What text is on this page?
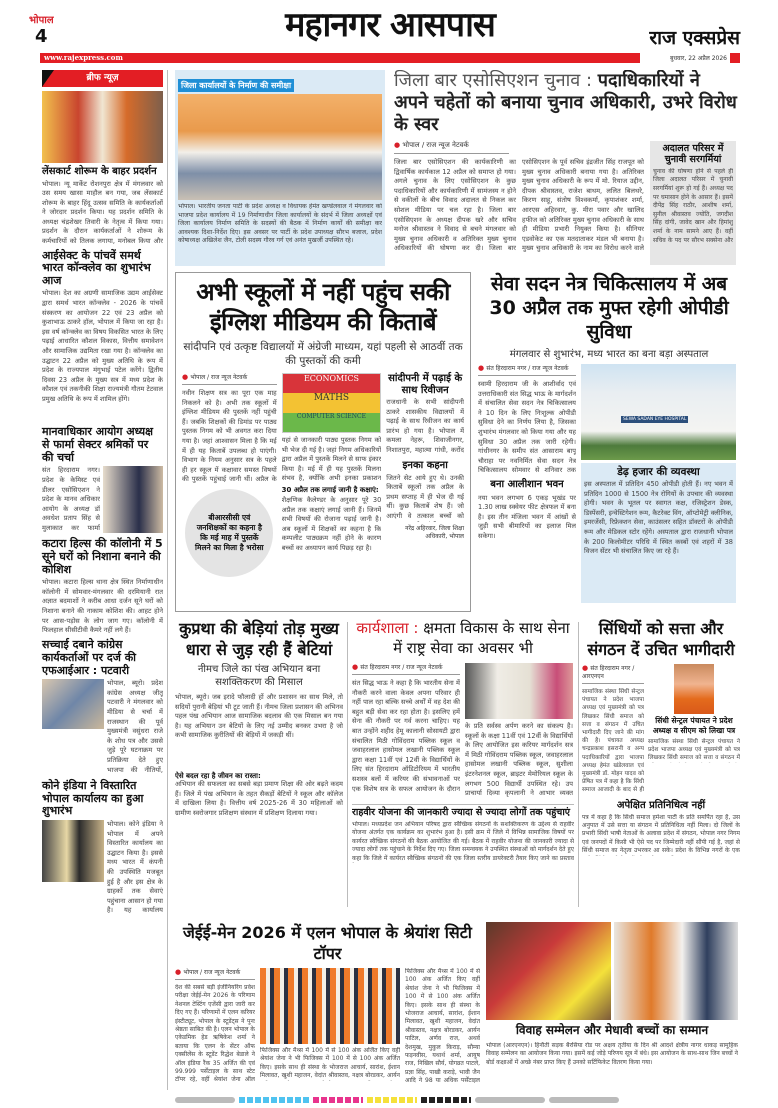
भोपाल
4	महानगर आसपास	राज एक्सप्रेस
www.rajexpress.com	बुधवार, 22 अप्रैल 2026
ब्रीफ न्यूज़
लेंसकार्ट शोरूम के बाहर प्रदर्शन
भोपाल। न्यू मार्केट रोशनपुरा क्षेत्र में मंगलवार को उस समय खासा माहौल बन गया, जब लेंसकार्ट शोरूम के बाहर हिंदू उत्सव समिति के कार्यकर्ताओं ने जोरदार प्रदर्शन किया। यह प्रदर्शन समिति के अध्यक्ष चंद्रशेखर तिवारी के नेतृत्व में किया गया। प्रदर्शन के दौरान कार्यकर्ताओं ने शोरूम के कर्मचारियों को तिलक लगाया, मनोबल किया और
आईसेक्ट के पांचवें समर्थ भारत कॉन्क्लेव का शुभारंभ आज
भोपाल। देश का अग्रणी सामाजिक उद्यम आईसेक्ट द्वारा समर्थ भारत कॉन्क्लेव - 2026 के पांचवें संस्करण का आयोजन 22 एवं 23 अप्रैल को कुशाभाऊ ठाकरे हॉल, भोपाल में किया जा रहा है। इस वर्ष कॉन्क्लेव का विषय विकसित भारत के लिए पढ़ाई आधारित कौशल विकास, वित्तीय समावेशन और सामाजिक उद्यमिता रखा गया है। कॉन्क्लेव का उद्घाटन 22 अप्रैल को मुख्य अतिथि के रूप में प्रदेश के राज्यपाल मंगुभाई पटेल करेंगे। द्वितीय दिवस 23 अप्रैल के मुख्य सत्र में मध्य प्रदेश के कौशल एवं तकनीकी शिक्षा राज्यमंत्री गौतम टेटवाल प्रमुख अतिथि के रूप में शामिल होंगे।
मानवाधिकार आयोग अध्यक्ष से फार्मा सेक्टर श्रमिकों पर की चर्चा
संत हिरदाराम नगर। प्रदेश के केमिस्ट एवं डीलर एसोसिएशन ने प्रदेश के मानव अधिकार आयोग के अध्यक्ष डॉ अवधेश प्रताप सिंह से मुलाकात कर फार्मा
कटारा हिल्स की कॉलोनी में 5 सूने घरों को निशाना बनाने की कोशिश
भोपाल। कटारा हिल्स थाना क्षेत्र स्थित निर्माणाधीन कॉलोनी में सोमवार-मंगलवार की दरमियानी रात अज्ञात बदमाशों ने करीब आधा दर्जन सूने घरों को निशाना बनाने की नाकाम कोशिश की। आहट होने पर आस-पड़ोस के लोग जाग गए। कॉलोनी में फिलहाल सीसीटीवी कैमरे नहीं लगे हैं।
सच्चाई दबाने कांग्रेस कार्यकर्ताओं पर दर्ज की एफआईआर : पटवारी
भोपाल, ब्यूरो। प्रदेश कांग्रेस अध्यक्ष जीतू पटवारी ने मंगलवार को मीडिया से चर्चा में राजस्थान की पूर्व मुख्यमंत्री वसुंधरा राजे के शोध पत्र और उससे जुड़े पूरे घटनाक्रम पर प्रतिक्रिया देते हुए भाजपा की नीतियों,
कोने इंडिया ने विस्तारित भोपाल कार्यालय का हुआ शुभारंभ
भोपाल। कोने इंडिया ने भोपाल में अपने विस्तारित कार्यालय का उद्घाटन किया है। इससे मध्य भारत में कंपनी की उपस्थिति मजबूत हुई है और इस क्षेत्र के ग्राहकों तक सेवाएं पहुंचाना आसान हो गया है। यह कार्यालय
जिला कार्यालयों के निर्माण की समीक्षा
भोपाल। भारतीय जनता पार्टी के प्रदेश अध्यक्ष व विधायक हेमंत खण्डेलवाल ने मंगलवार को भाजपा प्रदेश कार्यालय में 19 निर्माणाधीन जिला कार्यालयों के संदर्भ में जिला अध्यक्षों एवं जिला कार्यालय निर्माण समिति के सदस्यों की बैठक में निर्माण कार्यों की समीक्षा कर आवश्यक दिशा-निर्देश दिए। इस अवसर पर पार्टी के प्रदेश उपाध्यक्ष सौरभ बजाज, प्रदेश कोषाध्यक्ष अखिलेश जैन, टोली सदस्य गौरव गर्ग एवं अनंत मुखर्जी उपस्थित रहे।
जिला बार एसोसिएशन चुनाव : पदाधिकारियों ने अपने चहेतों को बनाया चुनाव अधिकारी, उभरे विरोध के स्वर
● भोपाल / राज न्यूज नेटवर्क
जिला बार एसोसिएशन की कार्यकारिणी का द्विवार्षिक कार्यकाल 12 अप्रैल को समाप्त हो गया। अगले चुनाव के लिए एसोसिएशन के कुछ पदाधिकारियों और कार्यकारिणी में सामंजस्य न होने से वकीलों के बीच विवाद अदालत से निकल कर सोशल मीडिया पर चल रहा है। जिला बार एसोसिएशन के अध्यक्ष दीपक खरे और सचिव मनोज श्रीवास्तव ने विवाद से बचने मंगलवार को मुख्य चुनाव अधिकारी व अतिरिक्त मुख्य चुनाव अधिकारियों की घोषणा कर दी। जिला बार एसोसिएशन के पूर्व सचिव इंद्रजीत सिंह राजपूत को मुख्य चुनाव अधिकारी बनाया गया है। अतिरिक्त मुख्य चुनाव अधिकारी के रूप में मो. रियाज उद्दीन, दीपक श्रीवास्तव, राजेश बाथम, ललित बिलथरे, किरण साहू, संतोष विश्वकर्मा, कृपाशंकर शर्मा, आरएस अहिरवार, कु. मीरा पवार और खालिद हफीज को अतिरिक्त मुख्य चुनाव अधिकारी के साथ ही मीडिया प्रभारी नियुक्त किया है। सीनियर एडवोकेट का एक मतदाताकर मंडल भी बनाया है। मुख्य चुनाव अधिकारी के नाम का विरोध करने वाले
अदालत परिसर में चुनावी सरगर्मियां
चुनाव की घोषणा होने से पहले ही जिला अदालत परिसर में चुनावी सरगर्मियां शुरू हो गई हैं। अध्यक्ष पद पर घमासान होने के आसार हैं। इसमें दीपेंद्र सिंह राठौर, आशीष शर्मा, सुनील श्रीवास्तव ज्योति, जगदीश सिंह दांगी, जावेद खान और हिमांशु शर्मा के नाम सामने आए हैं। वहीं सचिव के पद पर सौरभ सक्सेना और
अभी स्कूलों में नहीं पहुंच सकी इंग्लिश मीडियम की किताबें
सांदीपनि एवं उत्कृष्ट विद्यालयों में अंग्रेजी माध्यम, यहां पहली से आठवीं तक की पुस्तकों की कमी
● भोपाल / राज न्यूज नेटवर्क
नवीन शिक्षण सत्र का पूरा एक माह निकलने को है। अभी तक स्कूलों में इंग्लिश मीडियम की पुस्तकें नहीं पहुंची हैं। जबकि शिक्षकों की डिमांड पर पाठ्य पुस्तक निगम को भी अवगत करा दिया गया है। जहां आश्वासन मिला है कि मई में ही यह किताबें उपलब्ध हो पाएंगी। विभाग के नियम अनुसार सत्र के पहले ही हर स्कूल में कक्षावार समस्त विषयों की पुस्तकें पहुंचाई जानी थीं। अप्रैल के
बीआरसीसी एवं जनशिक्षकों का कहना है कि मई माह में पुस्तकें मिलने का मिला है भरोसा
ECONOMICS
MATHS
COMPUTER SCIENCE
यहां से जानकारी पाठ्य पुस्तक निगम को भी भेज दी गई है। जहां निगम अधिकारियों द्वारा अप्रैल में पुस्तकें मिलने से साफ इंकार किया है। मई में ही यह पुस्तकें मिलना संभव है, क्योंकि अभी इनका प्रकाशन
30 अप्रैल तक लगाई जानी है कक्षाएं:
शैक्षणिक कैलेण्डर के अनुसार पूरे 30 अप्रैल तक कक्षाएं लगाई जानी हैं। जिनमें सभी विषयों की रोजाना पढ़ाई जानी है। अब स्कूलों में शिक्षकों का कहना है कि कम्पलीट पाठ्यक्रम नहीं होने के कारण बच्चों का अध्यापन कार्य पिछड़ रहा है।
सांदीपनी में पढ़ाई के साथ रिवीजन
राजधानी के सभी सांदीपनी ठाकरे शासकीय विद्यालयों में पढ़ाई के साथ रिवीजन का कार्य प्रारंभ हो गया है। भोपाल में कमला नेहरू, शिवाजीनगर, निशातपुरा, महात्मा गांधी, करोंद
इनका कहना
जितने सेट आये हुए थे। उनकी किताबें स्कूलों तक अप्रैल के प्रथम सप्ताह में ही भेज दी गई थीं। कुछ किताबें शेष हैं। जो आएंगी वे तत्काल बच्चों को
नरेंद्र अहिरवार, जिला शिक्षा अधिकारी, भोपाल
सेवा सदन नेत्र चिकित्सालय में अब 30 अप्रैल तक मुफ्त रहेगी ओपीडी सुविधा
मंगलवार से शुभारंभ, मध्य भारत का बना बड़ा अस्पताल
● संत हिरदाराम नगर / राज न्यूज नेटवर्क
स्वामी हिरदाराम जी के आशीर्वाद एवं उत्तराधिकारी संत सिद्ध भाऊ के मार्गदर्शन में संचालित सेवा सदन नेत्र चिकित्सालय ने 10 दिन के लिए निःशुल्क ओपीडी सुविधा देने का निर्णय लिया है, जिसका शुभारंभ मंगलवार को किया गया और यह सुविधा 30 अप्रैल तक जारी रहेगी। गांधीनगर के समीप संत आसाराम बापू चौराहा पर नवनिर्मित सेवा सदन नेत्र चिकित्सालय सोमवार से शनिवार तक
बना आलीशान भवन
नया भवन लगभग 6 एकड़ भूखंड पर 1.30 लाख स्क्वेयर फीट क्षेत्रफल में बना है। इस तीन मंजिला भवन में आंखों से जुड़ी सभी बीमारियों का इलाज मिल सकेगा।
SEWA SADAN EYE HOSPITAL
डेढ़ हजार की व्यवस्था
इस अस्पताल में प्रतिदिन 450 ओपीडी होती हैं। नए भवन में प्रतिदिन 1000 से 1500 नेत्र रोगियों के उपचार की व्यवस्था होगी। भवन के भूतल पर स्वागत कक्ष, रजिस्ट्रेशन डेस्क, डिस्पेंसरी, इन्वेस्टिगेशन रूम, कैटरेक्ट विंग, ऑप्टोमेट्री क्लीनिक, इमरजेंसी, रिफ्रेक्शन सेवा, काउंसलर सहित डॉक्टरों के ओपीडी रूम और मेडिकल स्टोर रहेंगे। अस्पताल द्वारा राजधानी भोपाल के 200 किलोमीटर परिधि में स्थित कस्बों एवं शहरों में 38 विजन सेंटर भी संचालित किए जा रहे हैं।
कुप्रथा की बेड़ियां तोड़ मुख्य धारा से जुड़ रही हैं बेटियां
नीमच जिले का पंख अभियान बना सशक्तिकरण की मिसाल
भोपाल, ब्यूरो। जब इरादे फौलादी हों और प्रशासन का साथ मिले, तो सदियों पुरानी बेड़ियां भी टूट जाती हैं। नीमच जिला प्रशासन की अभिनव पहल पंख अभियान आज सामाजिक बदलाव की एक मिसाल बन गया है। यह अभियान उन बेटियों के लिए नई उम्मीद बनकर उभरा है जो कभी सामाजिक कुरीतियों की बेड़ियों में जकड़ी थीं।
ऐसे बदल रहा है जीवन का रास्ता:
अभियान की सफलता का सबसे बड़ा प्रमाण शिक्षा की ओर बढ़ते कदम हैं। जिले में पंख अभियान के तहत सैकड़ों बेटियों ने स्कूल और कॉलेज में दाखिला लिया है। वित्तीय वर्ष 2025-26 में 30 महिलाओं को ग्रामीण स्वरोजगार प्रशिक्षण संस्थान में प्रशिक्षण दिलाया गया।
कार्यशाला : क्षमता विकास के साथ सेना में राष्ट्र सेवा का अवसर भी
● संत हिरदाराम नगर / राज न्यूज नेटवर्क
संत सिद्ध भाऊ ने कहा है कि भारतीय सेना में नौकरी करने वाला केवल अपना परिवार ही नहीं पाल रहा बल्कि सच्चे अर्थों में वह देश की बहुत बड़ी सेवा कर रहा होता है। इसलिए हमें सेना की नौकरी पर गर्व करना चाहिए। यह बात उन्होंने शहीद हेमू कालानी सोसायटी द्वारा संचालित मिठी गोविंदराम पब्लिक स्कूल व जवाहरलाल हासोमल लखानी पब्लिक स्कूल द्वारा कक्षा 11वीं एवं 12वीं के विद्यार्थियों के लिए संत हिरदाराम ऑडिटोरियम में भारतीय सशस्त्र बलों में करियर की संभावनाओं पर एक विशेष सत्र के सफल आयोजन के दौरान
के प्रति सर्वस्व अर्पण करने का संकल्प है। स्कूलों के कक्षा 11वीं एवं 12वीं के विद्यार्थियों के लिए आयोजित इस करियर मार्गदर्शन सत्र में मिठी गोविंदराम पब्लिक स्कूल, जवाहरलाल हासोमल लखानी पब्लिक स्कूल, सुशीला इंटरनेशनल स्कूल, ब्राइटर मेमोरियल स्कूल के लगभग 500 विद्यार्थी उपस्थित रहे। उप प्राचार्या दिव्या कृपलानी ने आभार व्यक्त
राहवीर योजना की जानकारी ज्यादा से ज्यादा लोगों तक पहुंचाएं
भोपाल। मध्यप्रदेश जन अभियान परिषद द्वारा स्वैच्छिक संगठनों के सशक्तिकरण के उद्देश्य से राहवीर योजना अंतर्गत एक कार्यक्रम का शुभारंभ हुआ है। इसी क्रम में जिले में विभिन्न सामाजिक विषयों पर कार्यरत स्वैच्छिक संगठनों की बैठक आयोजित की गई। बैठक में राहवीर योजना की जानकारी ज्यादा से ज्यादा लोगों तक पहुंचाने के निर्देश दिए गए। जिला समन्वयक ने उपस्थित संस्थाओं को मार्गदर्शन देते हुए कहा कि जिले में कार्यरत स्वैच्छिक संगठनों की एक जिला स्तरीय डायरेक्टरी तैयार किए जाने का प्रस्ताव
सिंधियों को सत्ता और संगठन दें उचित भागीदारी
● संत हिरदाराम नगर / आरएनएन
सामाजिक संस्था सिंधी सेन्ट्रल पंचायत ने प्रदेश भाजपा अध्यक्ष एवं मुख्यमंत्री को पत्र लिखकर सिंधी समाज को सत्ता व संगठन में उचित भागीदारी दिए जाने की मांग की है। पंचायत अध्यक्ष चन्द्रप्रकाश इसरानी व अन्य पदाधिकारियों द्वारा भाजपा अध्यक्ष हेमंत खंडेलवाल एवं मुख्यमंत्री डॉ. मोहन यादव को प्रेषित पत्र में कहा है कि सिंधी समाज आजादी के बाद से ही
सिंधी सेन्ट्रल पंचायत ने प्रदेश अध्यक्ष व सीएम को लिखा पत्र
सामाजिक संस्था सिंधी सेन्ट्रल पंचायत ने प्रदेश भाजपा अध्यक्ष एवं मुख्यमंत्री को पत्र लिखकर सिंधी समाज को सत्ता व संगठन में
अपेक्षित प्रतिनिधित्व नहीं
पत्र में कहा है कि सिंधी समाज हमेशा पार्टी के प्रति समर्पित रहा है, उस अनुपात में उसे सत्ता या संगठन में प्रतिनिधित्व नहीं मिला। दो जिलों के प्रभारी सिंधी भाषी नेताओं के अलावा प्रदेश में संगठन, भोपाल नगर निगम एवं जनपदों में किसी भी ऐसे पद पर जिम्मेदारी नहीं सौंपी गई है, जहां से सिंधी समाज का नेतृत्व उभरकर आ सके। प्रदेश के विभिन्न नगरों के एक
जेईई-मेन 2026 में एलन भोपाल के श्रेयांश सिटी टॉपर
● भोपाल / राज न्यूज नेटवर्क
देश की सबसे बड़ी इंजीनियरिंग प्रवेश परीक्षा जेईई-मेन 2026 के परिणाम नेशनल टेस्टिंग एजेंसी द्वारा जारी कर दिए गए हैं। परिणामों में एलन करियर इंस्टीट्यूट, भोपाल के स्टूडेंट्स ने पुनः श्रेष्ठता साबित की है। एलन भोपाल के एकेडमिक हेड ऋषिकेश शर्मा ने बताया कि एलन के सेंटर ऑफ एक्सीलेंस के स्टूडेंट रिद्धेश बेडाले ने ऑल इंडिया रैंक 35 अर्जित की एवं 99.999 पर्सेंटाइल के साथ स्टेट टॉपर रहे, वहीं श्रेयांश जेना ऑल
फिजिक्स और मैथ्स में 100 में से 100 अंक अर्जित किए वहीं श्रेयांश जेना ने भी फिजिक्स में 100 में से 100 अंक अर्जित किए। इसके साथ ही संस्था के भोजराज आचार्य, सारांश, ईशान मिलावत, खुशी महाजन, वेदांत श्रीवास्तव, नक्षत्र बोरडकर, आर्यन
फिजिक्स और मैथ्स में 100 में से 100 अंक अर्जित किए वहीं श्रेयांश जेना ने भी फिजिक्स में 100 में से 100 अंक अर्जित किए। इसके साथ ही संस्था के भोजराज आचार्य, सारांश, ईशान मिलावत, खुशी महाजन, वेदांत श्रीवास्तव, नक्षत्र बोरडकर, आर्यन पाटिल, अर्णव राज, अथर्व देशमुख, मुकुल किराड़, सौम्या फड़नवीस, यथार्थ शर्मा, आयुष राज, निखिल सौर्य, योगव्रत पाटले, प्रज्ञा सिंह, पाखी कराड़े, भावी जैन आदि ने 98 या अधिक पर्सेंटाइल
विवाह सम्मेलन और मेधावी बच्चों का सम्मान
भोपाल (आरएनएन)। हिनौती सड़क बैरसिया रोड पर अक्षय तृतीया के दिन श्री आदर्श क्षेत्रीय नागर धाकड़ सामूहिक विवाह सम्मेलन का आयोजन किया गया। इसमें कई जोड़े परिणय सूत्र में बंधे। इस आयोजन के साथ-साथ जिन बच्चों ने बोर्ड कक्षाओं में अच्छे नंबर प्राप्त किए हैं उनको सर्टिफिकेट वितरण किया गया।
